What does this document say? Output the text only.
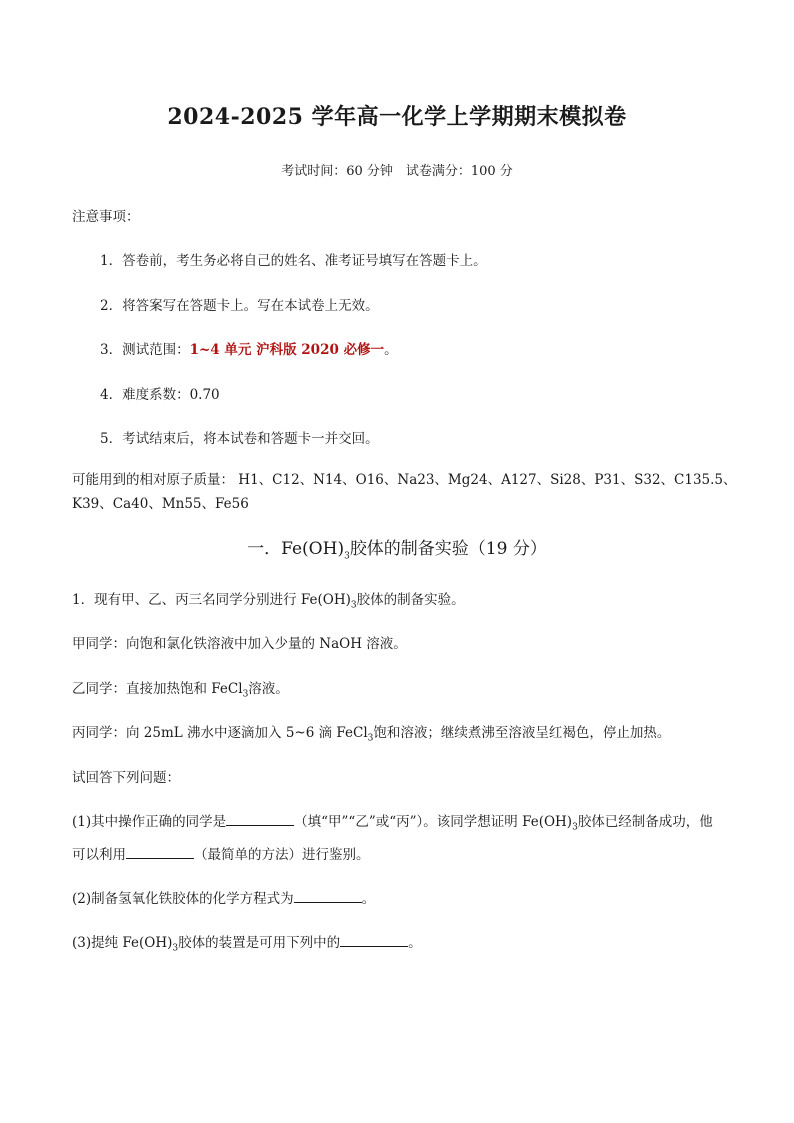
2024-2025 学年高一化学上学期期末模拟卷
考试时间：60 分钟　试卷满分：100 分
注意事项：
1．答卷前，考生务必将自己的姓名、准考证号填写在答题卡上。
2．将答案写在答题卡上。写在本试卷上无效。
3．测试范围：1~4 单元 沪科版 2020 必修一。
4．难度系数：0.70
5．考试结束后，将本试卷和答题卡一并交回。
可能用到的相对原子质量： H1、C12、N14、O16、Na23、Mg24、A127、Si28、P31、S32、C135.5、
K39、Ca40、Mn55、Fe56
一．$Fe(OH)_3$胶体的制备实验（19 分）
1．现有甲、乙、丙三名同学分别进行 $Fe(OH)_3$胶体的制备实验。
甲同学：向饱和氯化铁溶液中加入少量的 NaOH 溶液。
乙同学：直接加热饱和 FeCl$_3$溶液。
丙同学：向 25mL 沸水中逐滴加入 5~6 滴 FeCl$_3$饱和溶液；继续煮沸至溶液呈红褐色，停止加热。
试回答下列问题：
(1)其中操作正确的同学是	（填“甲”“乙”或“丙”）。该同学想证明 $Fe(OH)_3$胶体已经制备成功，他
可以利用	（最简单的方法）进行鉴别。
(2)制备氢氧化铁胶体的化学方程式为	。
(3)提纯 $Fe(OH)_3$胶体的装置是可用下列中的	。
